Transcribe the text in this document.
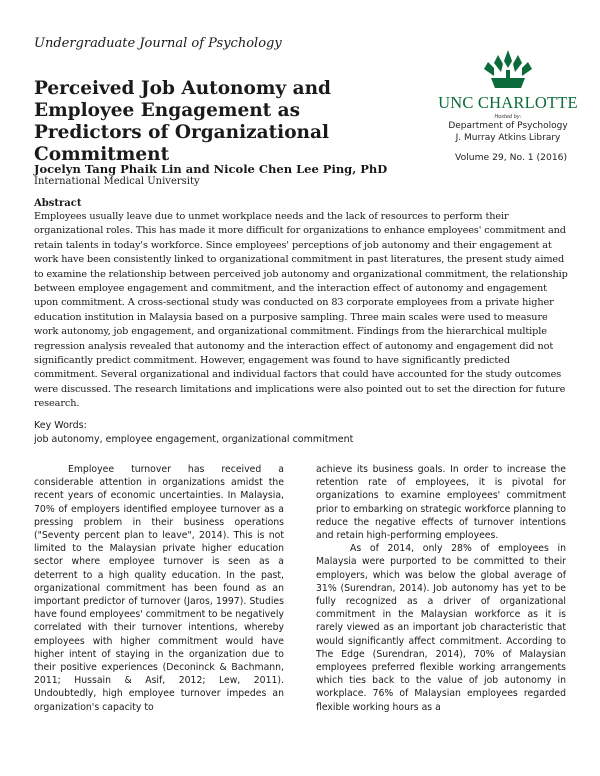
Undergraduate Journal of Psychology
Perceived Job Autonomy and Employee Engagement as Predictors of Organizational Commitment
UNC CHARLOTTE
Hosted by:
Department of Psychology
J. Murray Atkins Library
Volume 29, No. 1 (2016)
Jocelyn Tang Phaik Lin and Nicole Chen Lee Ping, PhD
International Medical University
Abstract

Employees usually leave due to unmet workplace needs and the lack of resources to perform their organizational roles. This has made it more difficult for organizations to enhance employees' commitment and retain talents in today's workforce. Since employees' perceptions of job autonomy and their engagement at work have been consistently linked to organizational commitment in past literatures, the present study aimed to examine the relationship between perceived job autonomy and organizational commitment, the relationship between employee engagement and commitment, and the interaction effect of autonomy and engagement upon commitment. A cross-sectional study was conducted on 83 corporate employees from a private higher education institution in Malaysia based on a purposive sampling. Three main scales were used to measure work autonomy, job engagement, and organizational commitment. Findings from the hierarchical multiple regression analysis revealed that autonomy and the interaction effect of autonomy and engagement did not significantly predict commitment. However, engagement was found to have significantly predicted commitment. Several organizational and individual factors that could have accounted for the study outcomes were discussed. The research limitations and implications were also pointed out to set the direction for future research.

Key Words:
job autonomy, employee engagement, organizational commitment

Employee turnover has received a considerable attention in organizations amidst the recent years of economic uncertainties. In Malaysia, 70% of employers identified employee turnover as a pressing problem in their business operations ("Seventy percent plan to leave", 2014). This is not limited to the Malaysian private higher education sector where employee turnover is seen as a deterrent to a high quality education. In the past, organizational commitment has been found as an important predictor of turnover (Jaros, 1997). Studies have found employees' commitment to be negatively correlated with their turnover intentions, whereby employees with higher commitment would have higher intent of staying in the organization due to their positive experiences (Deconinck & Bachmann, 2011; Hussain & Asif, 2012; Lew, 2011). Undoubtedly, high employee turnover impedes an organization's capacity to

achieve its business goals. In order to increase the retention rate of employees, it is pivotal for organizations to examine employees' commitment prior to embarking on strategic workforce planning to reduce the negative effects of turnover intentions and retain high-performing employees.

As of 2014, only 28% of employees in Malaysia were purported to be committed to their employers, which was below the global average of 31% (Surendran, 2014). Job autonomy has yet to be fully recognized as a driver of organizational commitment in the Malaysian workforce as it is rarely viewed as an important job characteristic that would significantly affect commitment. According to The Edge (Surendran, 2014), 70% of Malaysian employees preferred flexible working arrangements which ties back to the value of job autonomy in workplace. 76% of Malaysian employees regarded flexible working hours as a
